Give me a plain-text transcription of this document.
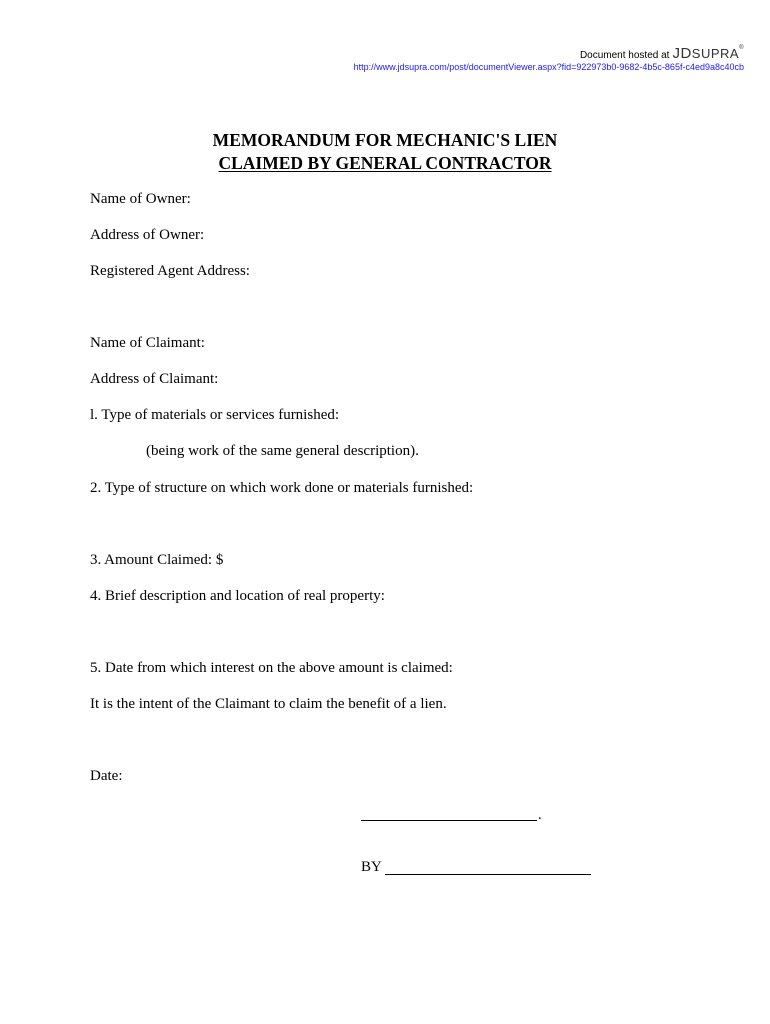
Document hosted at JDSUPRA®
http://www.jdsupra.com/post/documentViewer.aspx?fid=922973b0-9682-4b5c-865f-c4ed9a8c40cb
MEMORANDUM FOR MECHANIC'S LIEN
CLAIMED BY GENERAL CONTRACTOR
Name of Owner:
Address of Owner:
Registered Agent Address:
Name of Claimant:
Address of Claimant:
l. Type of materials or services furnished:
(being work of the same general description).
2. Type of structure on which work done or materials furnished:
3. Amount Claimed: $
4. Brief description and location of real property:
5. Date from which interest on the above amount is claimed:
It is the intent of the Claimant to claim the benefit of a lien.
Date:
.
BY
